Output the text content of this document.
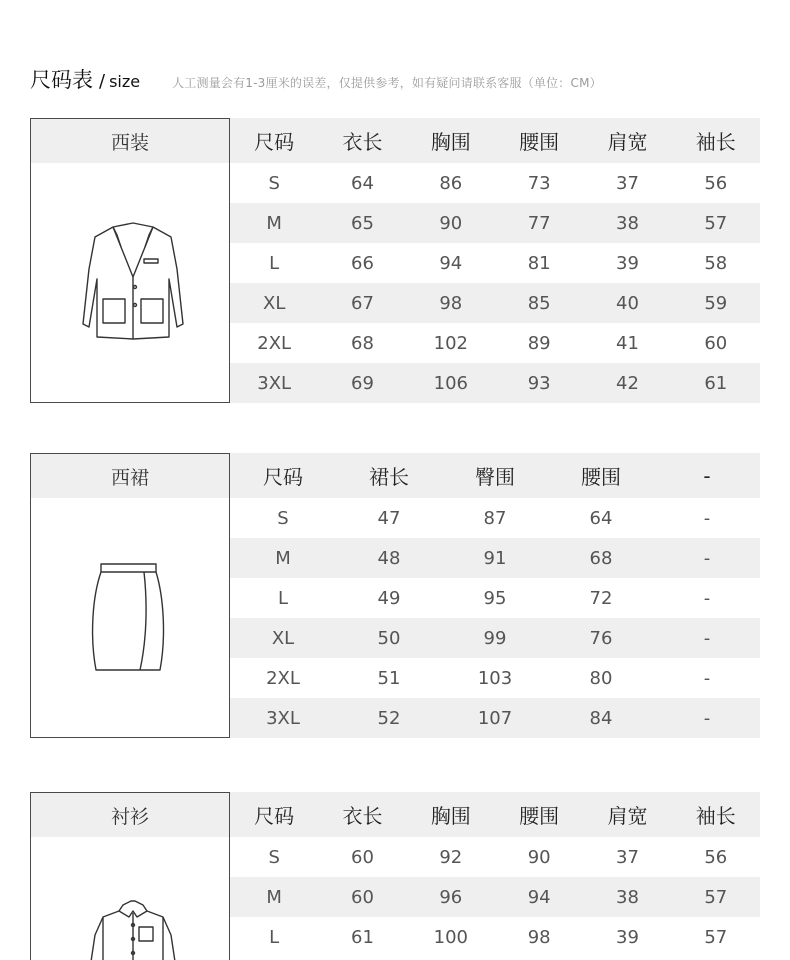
尺码表 / size	人工测量会有1-3厘米的误差，仅提供参考，如有疑问请联系客服（单位：CM）
西装	尺码	衣长	胸围	腰围	肩宽	袖长
S	64	86	73	37	56
M	65	90	77	38	57
L	66	94	81	39	58
XL	67	98	85	40	59
2XL	68	102	89	41	60
3XL	69	106	93	42	61
西裙	尺码	裙长	臀围	腰围	-
S	47	87	64	-
M	48	91	68	-
L	49	95	72	-
XL	50	99	76	-
2XL	51	103	80	-
3XL	52	107	84	-
衬衫	尺码	衣长	胸围	腰围	肩宽	袖长
S	60	92	90	37	56
M	60	96	94	38	57
L	61	100	98	39	57
